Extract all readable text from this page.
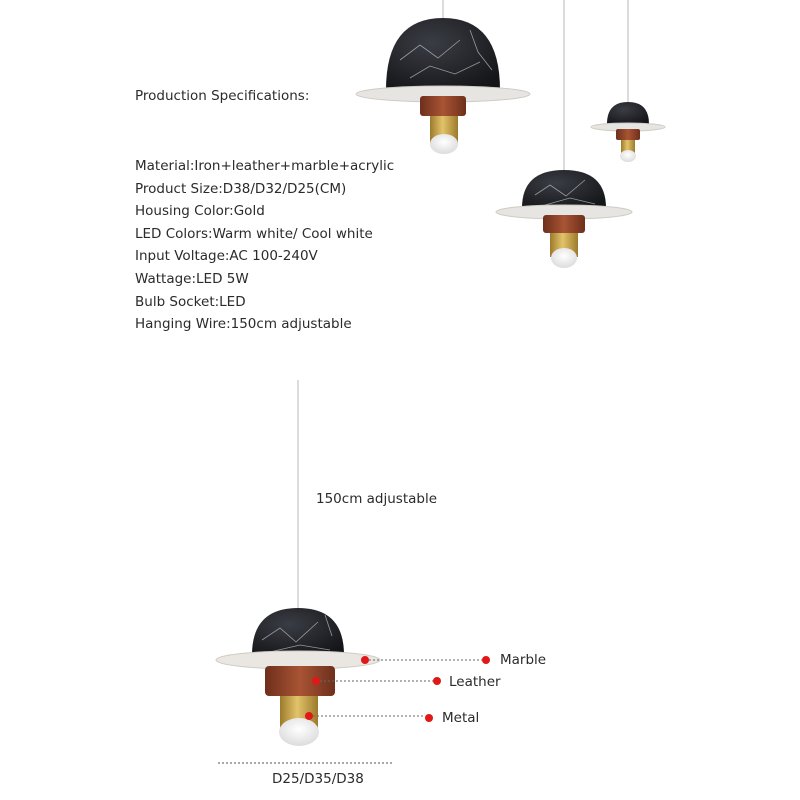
Production Specifications:
Material:Iron+leather+marble+acrylic
Product Size:D38/D32/D25(CM)
Housing Color:Gold
LED Colors:Warm white/ Cool white
Input Voltage:AC 100-240V
Wattage:LED 5W
Bulb Socket:LED
Hanging Wire:150cm adjustable
150cm adjustable
Marble
Leather
Metal
D25/D35/D38
